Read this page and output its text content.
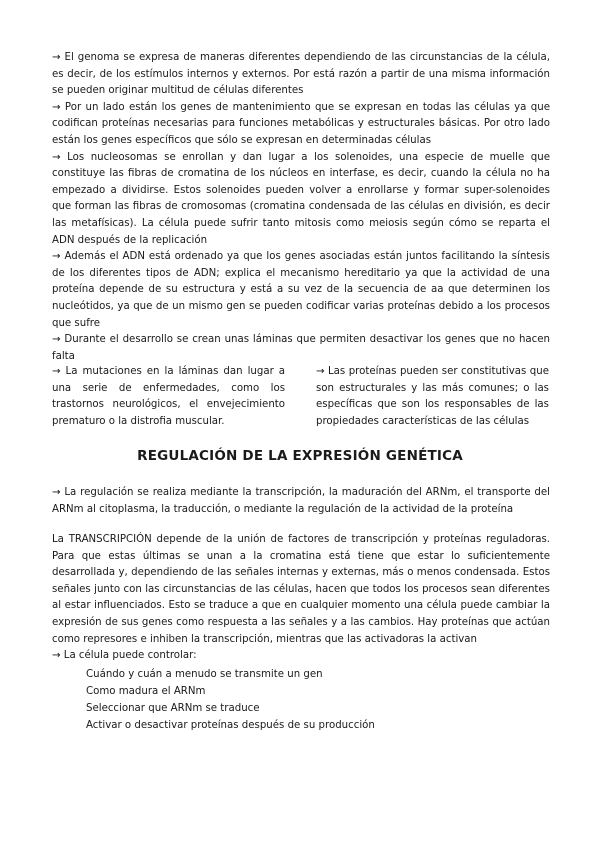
→ El genoma se expresa de maneras diferentes dependiendo de las circunstancias de la célula, es decir, de los estímulos internos y externos. Por está razón a partir de una misma información se pueden originar multitud de células diferentes

→ Por un lado están los genes de mantenimiento que se expresan en todas las células ya que codifican proteínas necesarias para funciones metabólicas y estructurales básicas. Por otro lado están los genes específicos que sólo se expresan en determinadas células

→ Los nucleosomas se enrollan y dan lugar a los solenoides, una especie de muelle que constituye las fibras de cromatina de los núcleos en interfase, es decir, cuando la célula no ha empezado a dividirse. Estos solenoides pueden volver a enrollarse y formar super-solenoides que forman las fibras de cromosomas (cromatina condensada de las células en división, es decir las metafísicas). La célula puede sufrir tanto mitosis como meiosis según cómo se reparta el ADN después de la replicación

→ Además el ADN está ordenado ya que los genes asociadas están juntos facilitando la síntesis de los diferentes tipos de ADN; explica el mecanismo hereditario ya que la actividad de una proteína depende de su estructura y está a su vez de la secuencia de aa que determinen los nucleótidos, ya que de un mismo gen se pueden codificar varias proteínas debido a los procesos que sufre

→ Durante el desarrollo se crean unas láminas que permiten desactivar los genes que no hacen falta

→ La mutaciones en la láminas dan lugar a una serie de enfermedades, como los trastornos neurológicos, el envejecimiento prematuro o la distrofia muscular.

→ Las proteínas pueden ser constitutivas que son estructurales y las más comunes; o las específicas que son los responsables de las propiedades características de las células

REGULACIÓN DE LA EXPRESIÓN GENÉTICA

→ La regulación se realiza mediante la transcripción, la maduración del ARNm, el transporte del ARNm al citoplasma, la traducción, o mediante la regulación de la actividad de la proteína

La TRANSCRIPCIÓN depende de la unión de factores de transcripción y proteínas reguladoras. Para que estas últimas se unan a la cromatina está tiene que estar lo suficientemente desarrollada y, dependiendo de las señales internas y externas, más o menos condensada. Estos señales junto con las circunstancias de las células, hacen que todos los procesos sean diferentes al estar influenciados. Esto se traduce a que en cualquier momento una célula puede cambiar la expresión de sus genes como respuesta a las señales y a las cambios. Hay proteínas que actúan como represores e inhiben la transcripción, mientras que las activadoras la activan

→ La célula puede controlar:

Cuándo y cuán a menudo se transmite un gen
Como madura el ARNm
Seleccionar que ARNm se traduce
Activar o desactivar proteínas después de su producción
